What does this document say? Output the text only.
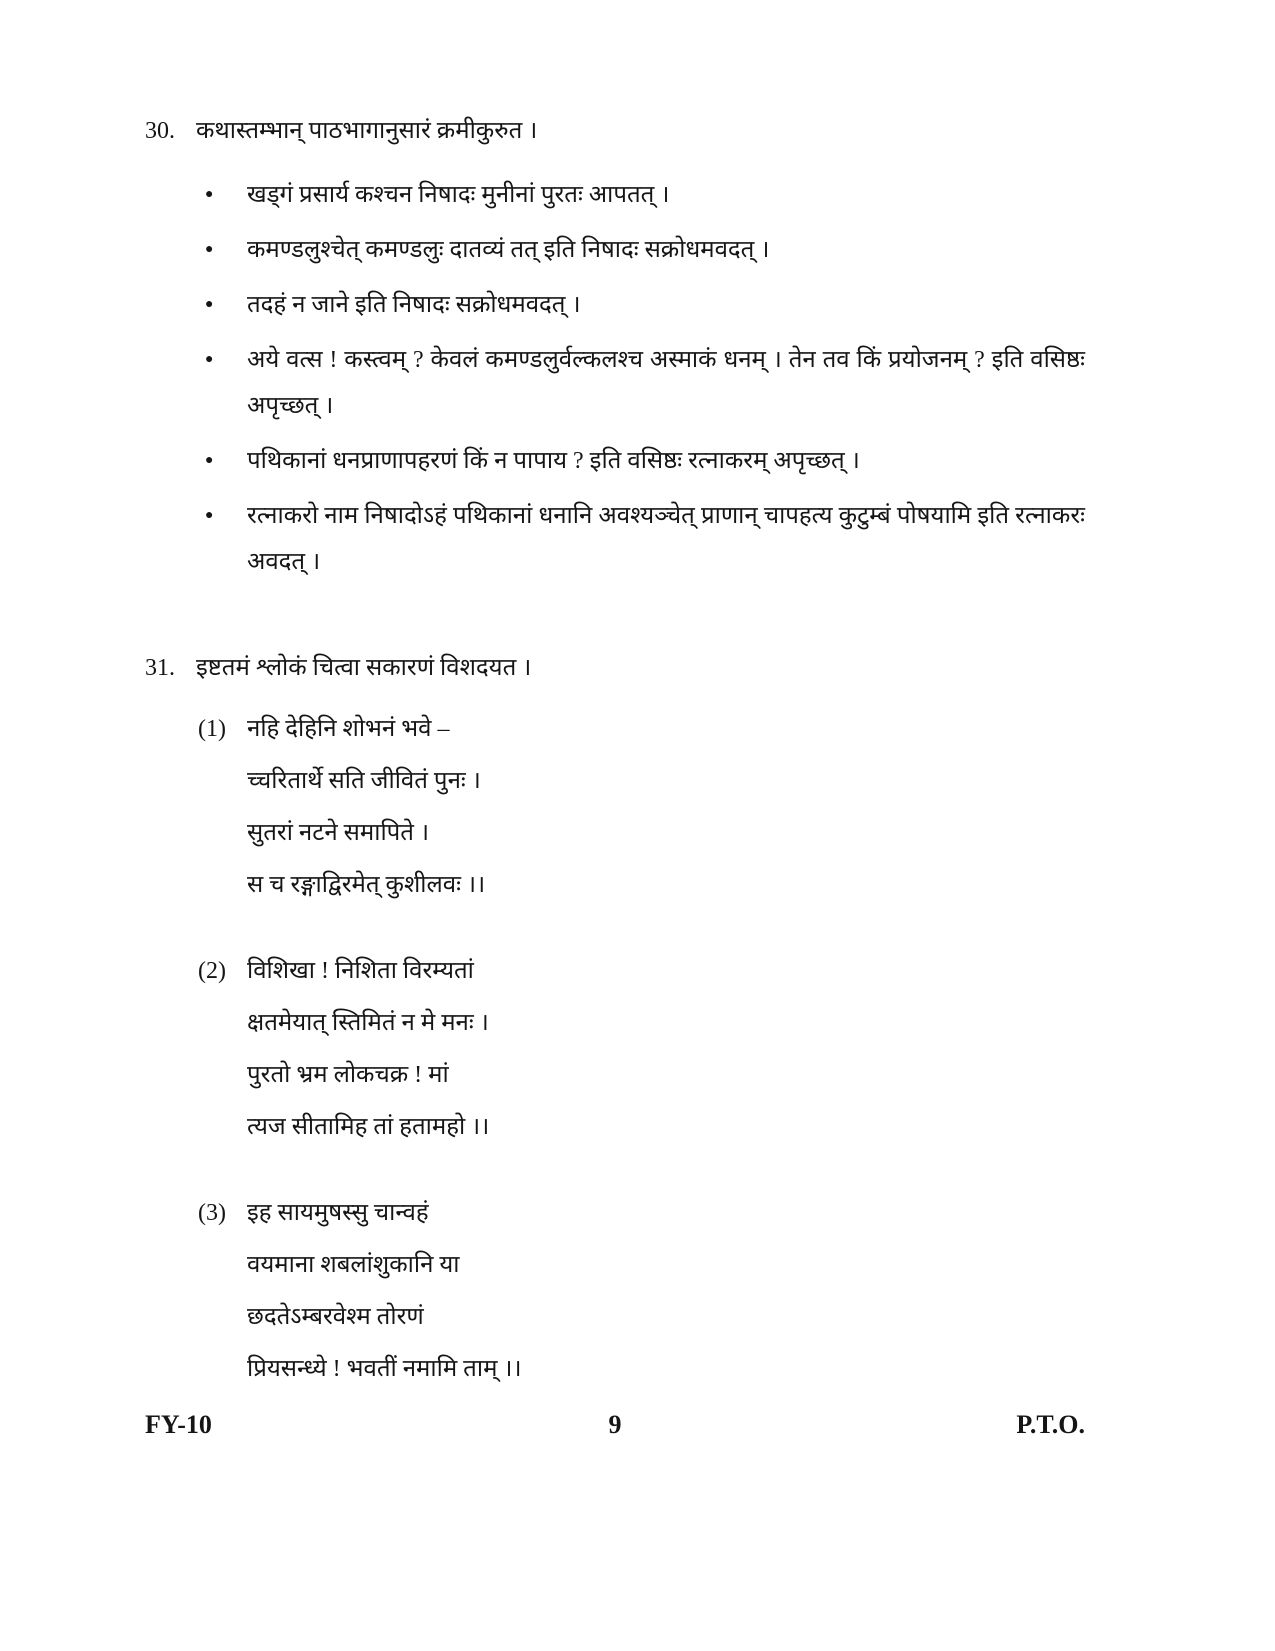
30. कथास्तम्भान् पाठभागानुसारं क्रमीकुरुत ।
●	खड्गं प्रसार्य कश्चन निषादः मुनीनां पुरतः आपतत् ।
●	कमण्डलुश्चेत् कमण्डलुः दातव्यं तत् इति निषादः सक्रोधमवदत् ।
●	तदहं न जाने इति निषादः सक्रोधमवदत् ।
●	अये वत्स ! कस्त्वम् ? केवलं कमण्डलुर्वल्कलश्च अस्माकं धनम् । तेन तव किं प्रयोजनम् ? इति वसिष्ठः अपृच्छत् ।
●	पथिकानां धनप्राणापहरणं किं न पापाय ? इति वसिष्ठः रत्नाकरम् अपृच्छत् ।
●	रत्नाकरो नाम निषादोऽहं पथिकानां धनानि अवश्यञ्चेत् प्राणान् चापहत्य कुटुम्बं पोषयामि इति रत्नाकरः अवदत् ।
31. इष्टतमं श्लोकं चित्वा सकारणं विशदयत ।
(1) नहि देहिनि शोभनं भवे –
च्चरितार्थे सति जीवितं पुनः ।
सुतरां नटने समापिते ।
स च रङ्गाद्विरमेत् कुशीलवः ।।
(2) विशिखा ! निशिता विरम्यतां
क्षतमेयात् स्तिमितं न मे मनः ।
पुरतो भ्रम लोकचक्र ! मां
त्यज सीतामिह तां हतामहो ।।
(3) इह सायमुषस्सु चान्वहं
वयमाना शबलांशुकानि या
छदतेऽम्बरवेश्म तोरणं
प्रियसन्ध्ये ! भवतीं नमामि ताम् ।।
FY-10	9	P.T.O.
